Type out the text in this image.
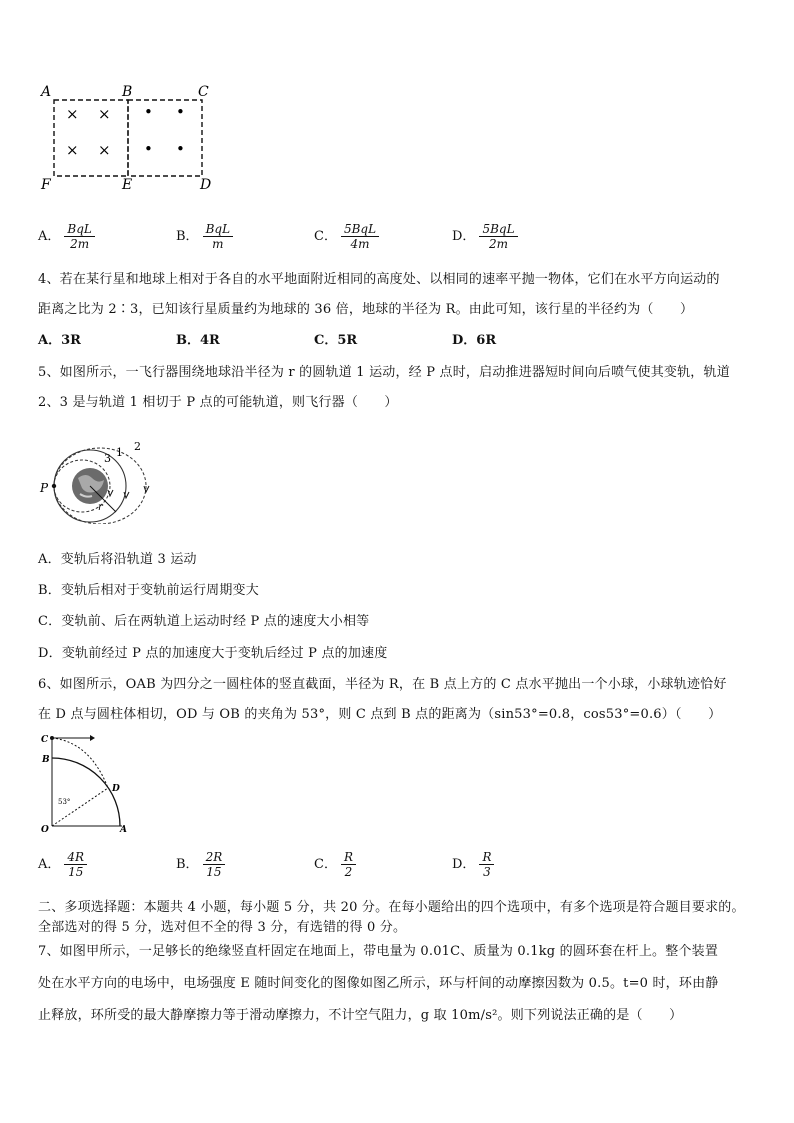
A	B	C
F	E	D
× ×
× ×
• •
• •
A． $\frac{\text{BqL}}{2m}$	B． $\frac{\text{BqL}}{m}$	C． $\frac{\text{5BqL}}{4m}$	D． $\frac{\text{5BqL}}{2m}$
4、若在某行星和地球上相对于各自的水平地面附近相同的高度处、以相同的速率平抛一物体，它们在水平方向运动的
距离之比为 2∶3，已知该行星质量约为地球的 36 倍，地球的半径为 R。由此可知，该行星的半径约为（　　）
A．3R	B．4R	C．5R	D．6R
5、如图所示，一飞行器围绕地球沿半径为 r 的圆轨道 1 运动，经 P 点时，启动推进器短时间向后喷气使其变轨，轨道
2、3 是与轨道 1 相切于 P 点的可能轨道，则飞行器（　　）
P
3 1 2
r
A．变轨后将沿轨道 3 运动
B．变轨后相对于变轨前运行周期变大
C．变轨前、后在两轨道上运动时经 P 点的速度大小相等
D．变轨前经过 P 点的加速度大于变轨后经过 P 点的加速度
6、如图所示，OAB 为四分之一圆柱体的竖直截面，半径为 R，在 B 点上方的 C 点水平抛出一个小球，小球轨迹恰好
在 D 点与圆柱体相切，OD 与 OB 的夹角为 53°，则 C 点到 B 点的距离为（sin53°=0.8，cos53°=0.6）（　　）
C
B
D
O	A
53°
A． $\frac{4R}{15}$	B． $\frac{2R}{15}$	C． $\frac{R}{2}$	D． $\frac{R}{3}$
二、多项选择题：本题共 4 小题，每小题 5 分，共 20 分。在每小题给出的四个选项中，有多个选项是符合题目要求的。
全部选对的得 5 分，选对但不全的得 3 分，有选错的得 0 分。
7、如图甲所示，一足够长的绝缘竖直杆固定在地面上，带电量为 0.01C、质量为 0.1kg 的圆环套在杆上。整个装置
处在水平方向的电场中，电场强度 E 随时间变化的图像如图乙所示，环与杆间的动摩擦因数为 0.5。t=0 时，环由静
止释放，环所受的最大静摩擦力等于滑动摩擦力，不计空气阻力，g 取 10m/s²。则下列说法正确的是（　　）
